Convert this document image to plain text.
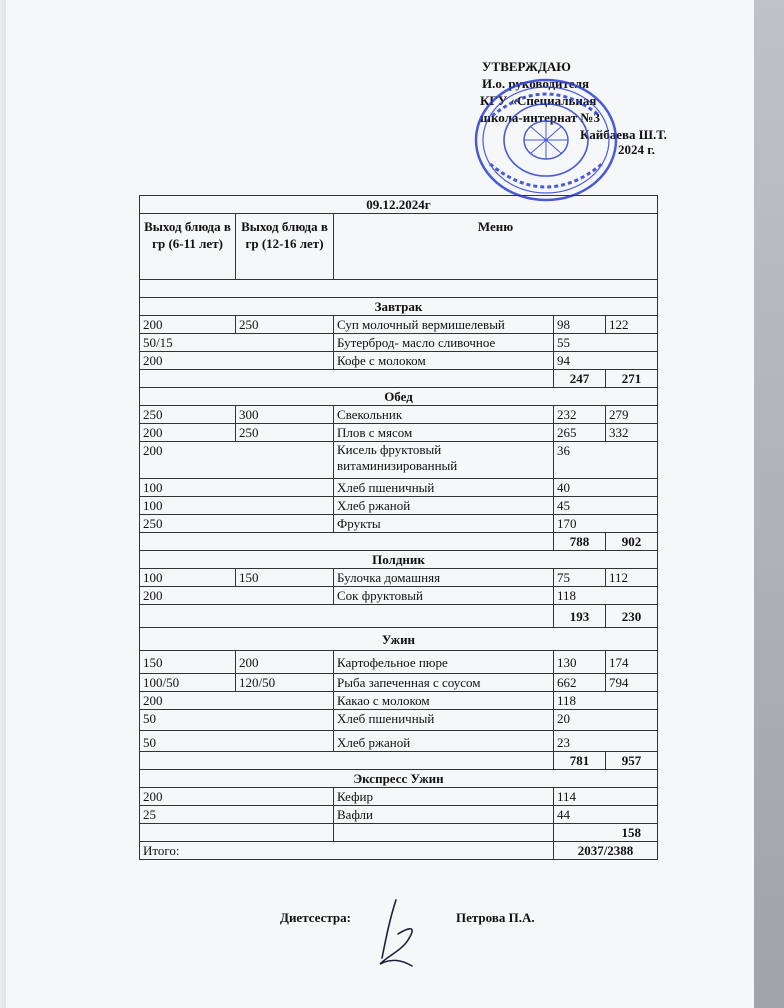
УТВЕРЖДАЮ
И.о. руководителя
КГУ «Специальная
школа-интернат №3
Кайбаева Ш.Т.
2024 г.
09.12.2024г				
Выход блюда в гр (6-11 лет)	Выход блюда в гр (12-16 лет)	Меню		

Завтрак				
200	250	Суп молочный вермишелевый	98	122
50/15		Бутерброд- масло сливочное	55	
200		Кофе с молоком	94	
			247	271
Обед				
250	300	Свекольник	232	279
200	250	Плов с мясом	265	332
200		Кисель фруктовый витаминизированный	36	
100		Хлеб пшеничный	40	
100		Хлеб ржаной	45	
250		Фрукты	170	
			788	902
Полдник				
100	150	Булочка домашняя	75	112
200		Сок фруктовый	118	
			193	230
Ужин				
150	200	Картофельное пюре	130	174
100/50	120/50	Рыба запеченная с соусом	662	794
200		Какао с молоком	118	
50		Хлеб пшеничный	20	
50		Хлеб ржаной	23	
			781	957
Экспресс Ужин				
200		Кефир	114	
25		Вафли	44	
			158	
Итого:			2037/2388	
Диетсестра:	Петрова П.А.
